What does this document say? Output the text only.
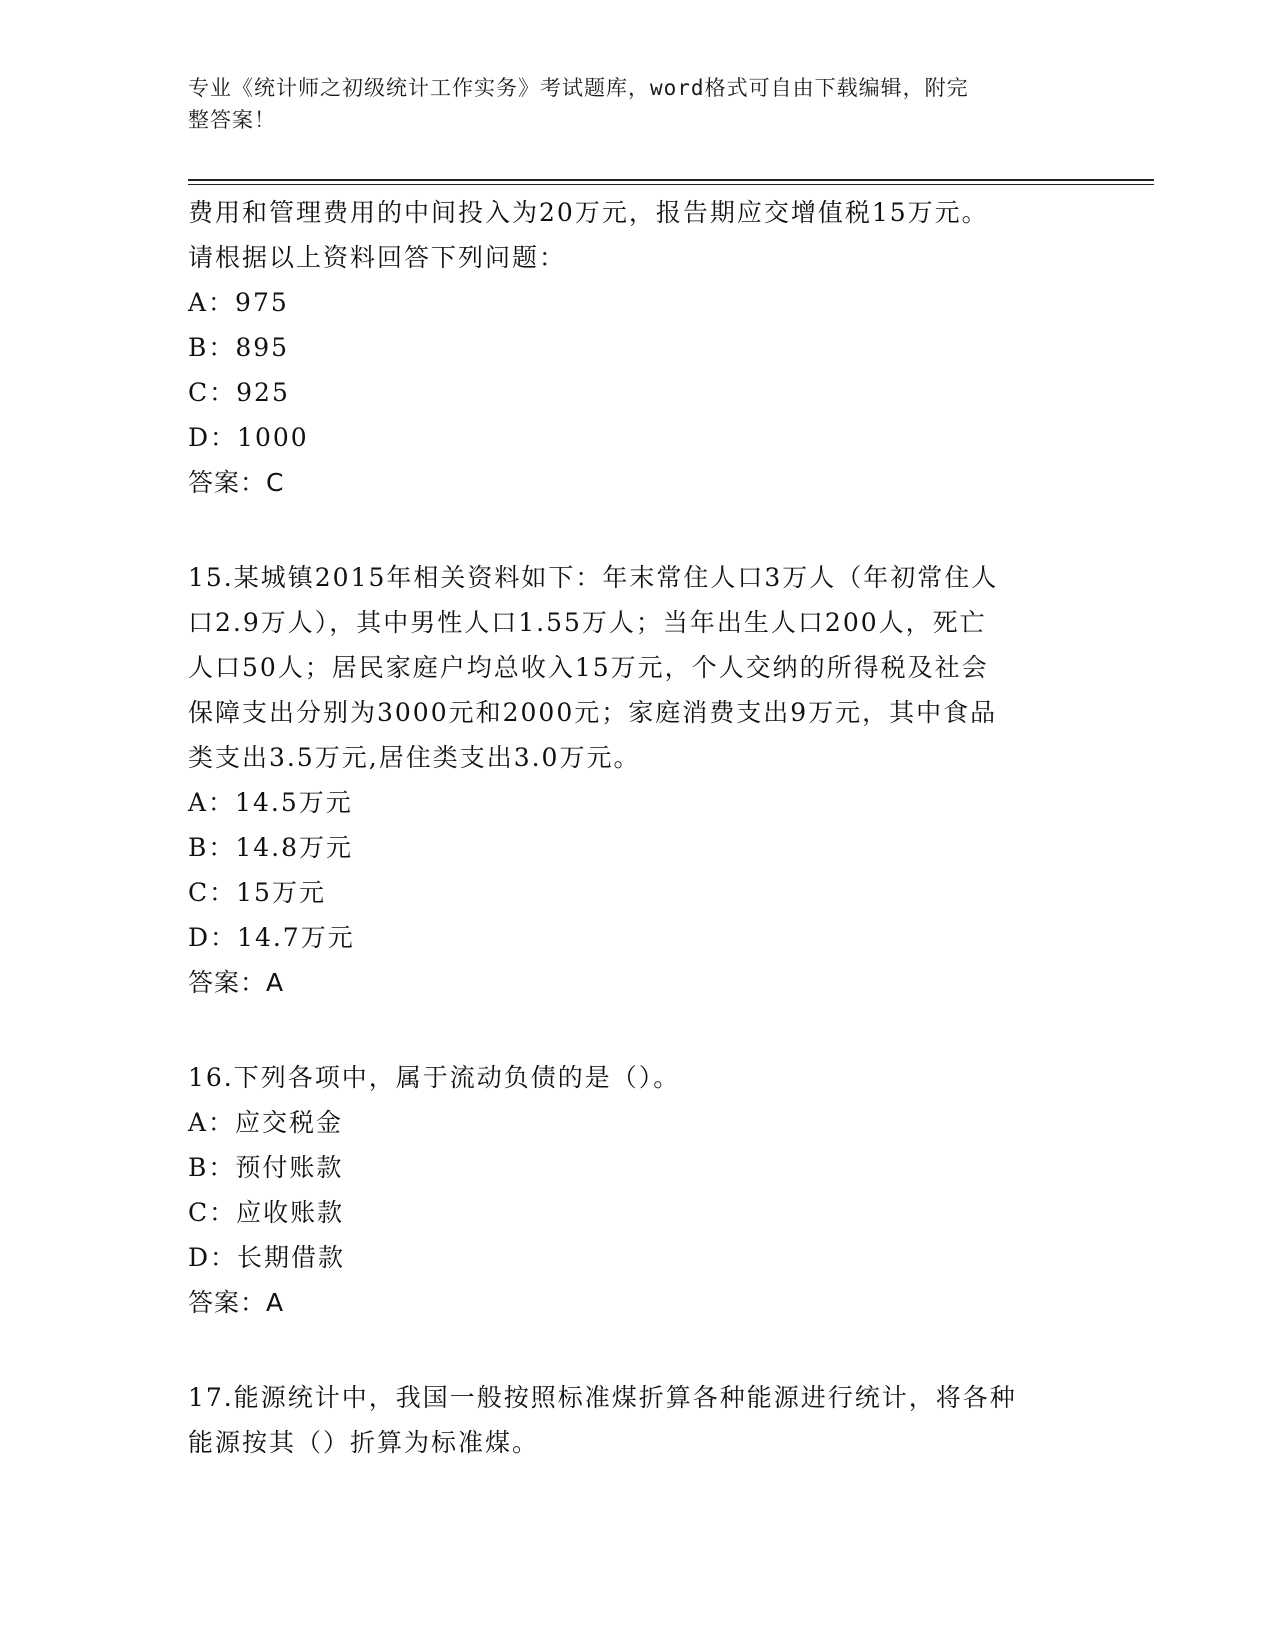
专业《统计师之初级统计工作实务》考试题库，word格式可自由下载编辑，附完
整答案！
费用和管理费用的中间投入为20万元，报告期应交增值税15万元。
请根据以上资料回答下列问题：
A：975
B：895
C：925
D：1000
答案：C
15.某城镇2015年相关资料如下：年末常住人口3万人（年初常住人
口2.9万人），其中男性人口1.55万人；当年出生人口200人，死亡
人口50人；居民家庭户均总收入15万元，个人交纳的所得税及社会
保障支出分别为3000元和2000元；家庭消费支出9万元，其中食品
类支出3.5万元,居住类支出3.0万元。
A：14.5万元
B：14.8万元
C：15万元
D：14.7万元
答案：A
16.下列各项中，属于流动负债的是（）。
A：应交税金
B：预付账款
C：应收账款
D：长期借款
答案：A
17.能源统计中，我国一般按照标准煤折算各种能源进行统计，将各种
能源按其（）折算为标准煤。
